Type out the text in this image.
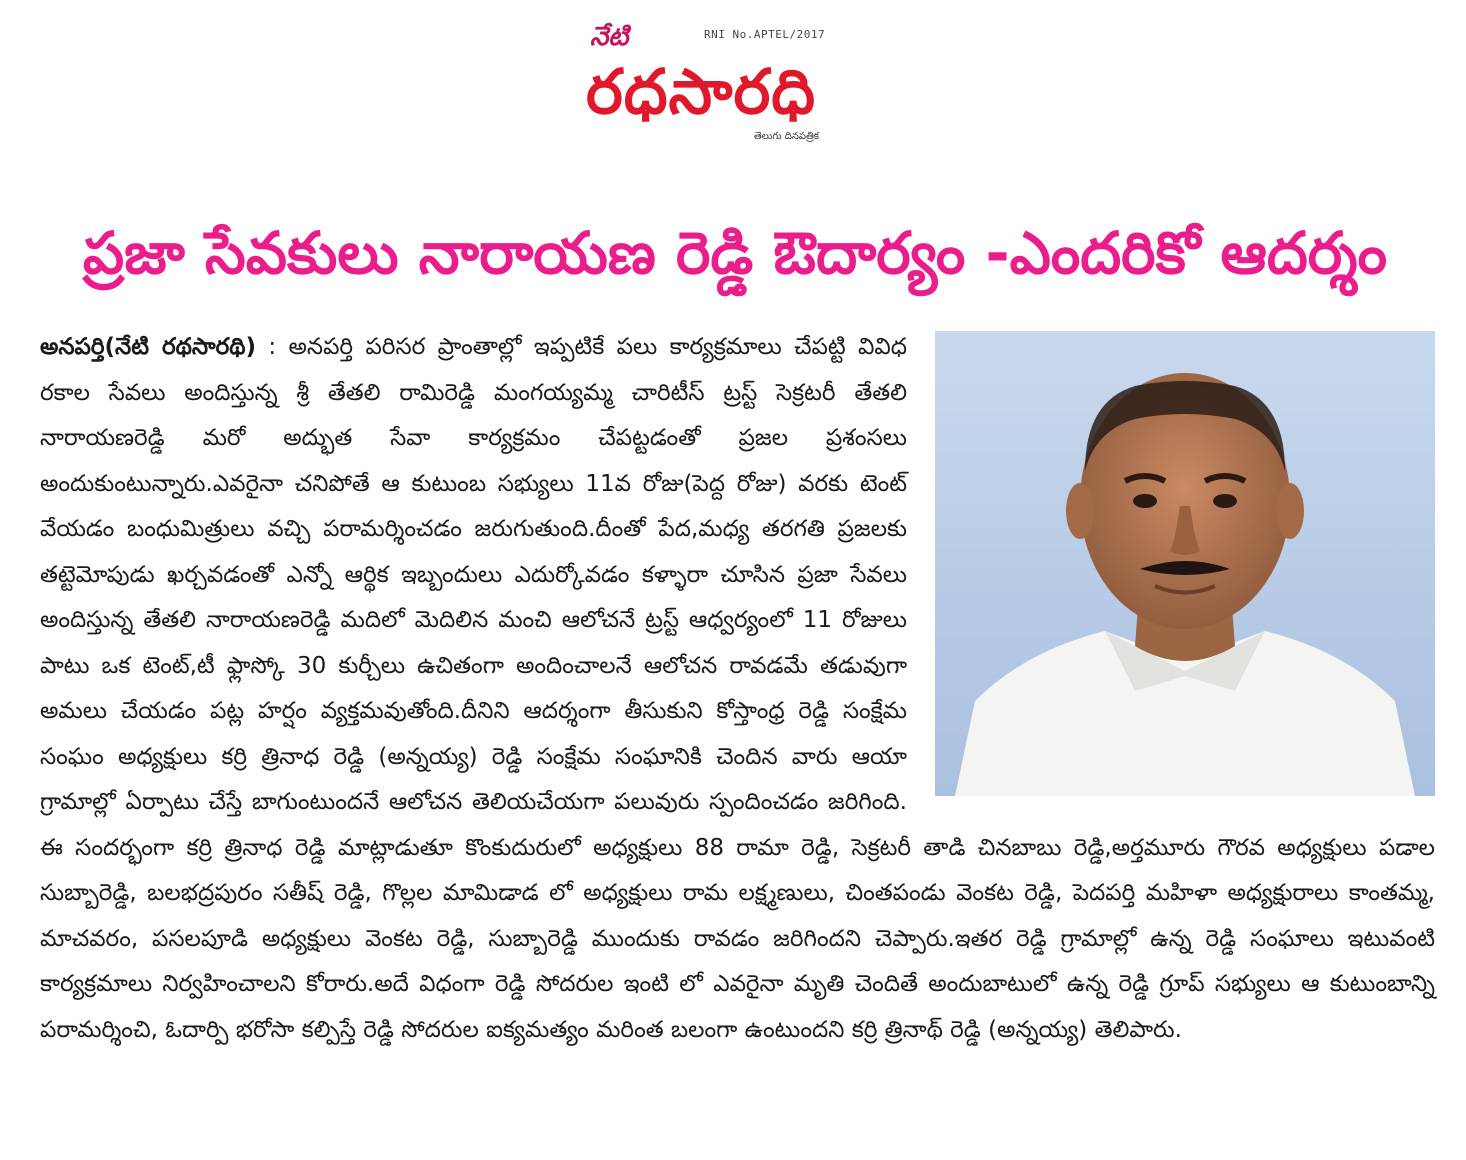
నేటి	RNI No.APTEL/2017
రధసారధి
తెలుగు దినపత్రిక
ప్రజా సేవకులు నారాయణ రెడ్డి ఔదార్యం -ఎందరికో ఆదర్శం

అనపర్తి(నేటి రథసారథి) : అనపర్తి పరిసర ప్రాంతాల్లో ఇప్పటికే పలు కార్యక్రమాలు చేపట్టి వివిధ రకాల సేవలు అందిస్తున్న శ్రీ తేతలి రామిరెడ్డి మంగయ్యమ్మ చారిటీస్ ట్రస్ట్ సెక్రటరీ తేతలి నారాయణరెడ్డి మరో అద్భుత సేవా కార్యక్రమం చేపట్టడంతో ప్రజల ప్రశంసలు అందుకుంటున్నారు.ఎవరైనా చనిపోతే ఆ కుటుంబ సభ్యులు 11వ రోజు(పెద్ద రోజు) వరకు టెంట్ వేయడం బంధుమిత్రులు వచ్చి పరామర్శించడం జరుగుతుంది.దీంతో పేద,మధ్య తరగతి ప్రజలకు తట్టెమోపుడు ఖర్చవడంతో ఎన్నో ఆర్థిక ఇబ్బందులు ఎదుర్కోవడం కళ్ళారా చూసిన ప్రజా సేవలు అందిస్తున్న తేతలి నారాయణరెడ్డి మదిలో మెదిలిన మంచి ఆలోచనే ట్రస్ట్ ఆధ్వర్యంలో 11 రోజులు పాటు ఒక టెంట్,టీ ఫ్లాస్కో 30 కుర్చీలు ఉచితంగా అందించాలనే ఆలోచన రావడమే తడువుగా అమలు చేయడం పట్ల హర్షం వ్యక్తమవుతోంది.దీనిని ఆదర్శంగా తీసుకుని కోస్తాంధ్ర రెడ్డి సంక్షేమ సంఘం అధ్యక్షులు కర్రి త్రినాధ రెడ్డి (అన్నయ్య) రెడ్డి సంక్షేమ సంఘానికి చెందిన వారు ఆయా గ్రామాల్లో ఏర్పాటు చేస్తే బాగుంటుందనే ఆలోచన తెలియచేయగా పలువురు స్పందించడం జరిగింది. ఈ సందర్భంగా కర్రి త్రినాధ రెడ్డి మాట్లాడుతూ కొంకుదురులో అధ్యక్షులు 88 రామా రెడ్డి, సెక్రటరీ తాడి చినబాబు రెడ్డి,అర్తమూరు గౌరవ అధ్యక్షులు పడాల సుబ్బారెడ్డి, బలభద్రపురం సతీష్ రెడ్డి, గొల్లల మామిడాడ లో అధ్యక్షులు రామ లక్ష్మణులు, చింతపండు వెంకట రెడ్డి, పెదపర్తి మహిళా అధ్యక్షురాలు కాంతమ్మ, మాచవరం, పసలపూడి అధ్యక్షులు వెంకట రెడ్డి, సుబ్బారెడ్డి ముందుకు రావడం జరిగిందని చెప్పారు.ఇతర రెడ్డి గ్రామాల్లో ఉన్న రెడ్డి సంఘాలు ఇటువంటి కార్యక్రమాలు నిర్వహించాలని కోరారు.అదే విధంగా రెడ్డి సోదరుల ఇంటి లో ఎవరైనా మృతి చెందితే అందుబాటులో ఉన్న రెడ్డి గ్రూప్ సభ్యులు ఆ కుటుంబాన్ని పరామర్శించి, ఓదార్పి భరోసా కల్పిస్తే రెడ్డి సోదరుల ఐక్యమత్యం మరింత బలంగా ఉంటుందని కర్రి త్రినాథ్ రెడ్డి (అన్నయ్య) తెలిపారు.
